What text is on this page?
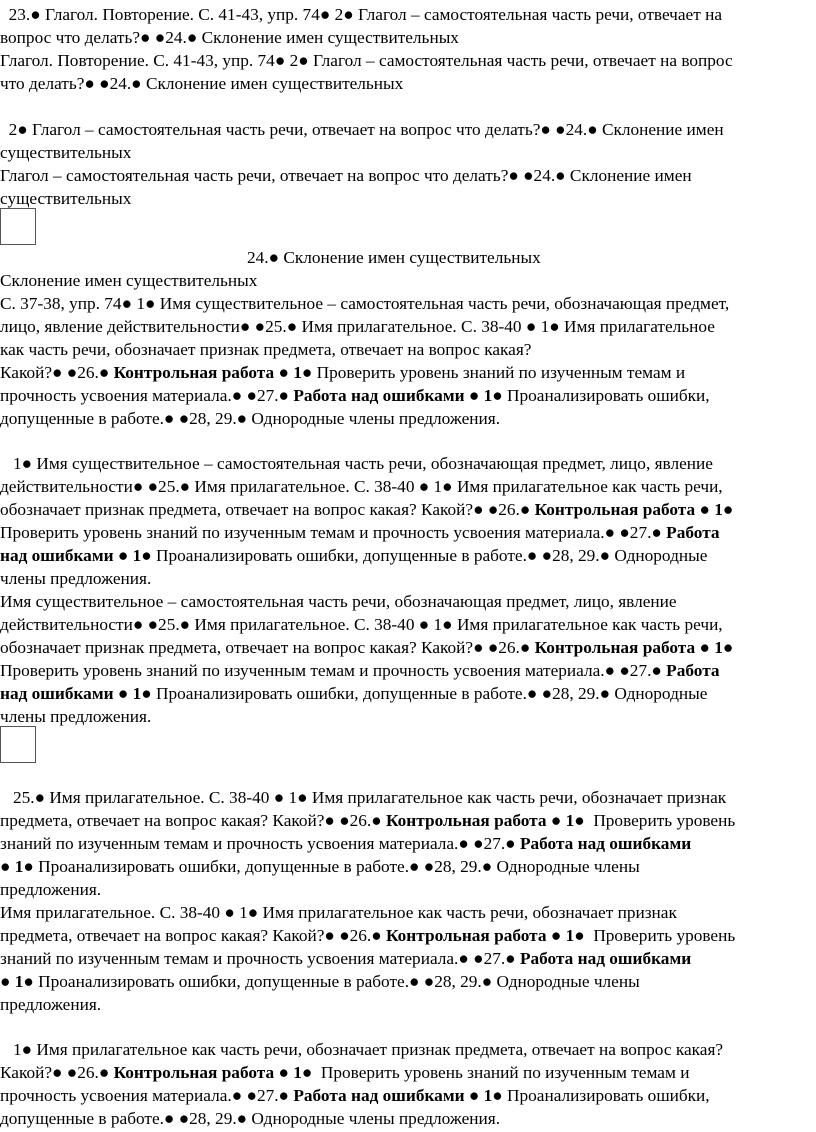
23.● Глагол. Повторение. С. 41-43, упр. 74● 2● Глагол – самостоятельная часть речи, отвечает на
вопрос что делать?● ●24.● Склонение имен существительных
Глагол. Повторение. С. 41-43, упр. 74● 2● Глагол – самостоятельная часть речи, отвечает на вопрос
что делать?● ●24.● Склонение имен существительных
2● Глагол – самостоятельная часть речи, отвечает на вопрос что делать?● ●24.● Склонение имен
существительных
Глагол – самостоятельная часть речи, отвечает на вопрос что делать?● ●24.● Склонение имен
существительных
24.● Склонение имен существительных
Склонение имен существительных
С. 37-38, упр. 74● 1● Имя существительное – самостоятельная часть речи, обозначающая предмет,
лицо, явление действительности● ●25.● Имя прилагательное. С. 38-40 ● 1● Имя прилагательное
как часть речи, обозначает признак предмета, отвечает на вопрос какая?
Какой?● ●26.● Контрольная работа ● 1● Проверить уровень знаний по изученным темам и
прочность усвоения материала.● ●27.● Работа над ошибками ● 1● Проанализировать ошибки,
допущенные в работе.● ●28, 29.● Однородные члены предложения.
1● Имя существительное – самостоятельная часть речи, обозначающая предмет, лицо, явление
действительности● ●25.● Имя прилагательное. С. 38-40 ● 1● Имя прилагательное как часть речи,
обозначает признак предмета, отвечает на вопрос какая? Какой?● ●26.● Контрольная работа ● 1●
Проверить уровень знаний по изученным темам и прочность усвоения материала.● ●27.● Работа
над ошибками ● 1● Проанализировать ошибки, допущенные в работе.● ●28, 29.● Однородные
члены предложения.
Имя существительное – самостоятельная часть речи, обозначающая предмет, лицо, явление
действительности● ●25.● Имя прилагательное. С. 38-40 ● 1● Имя прилагательное как часть речи,
обозначает признак предмета, отвечает на вопрос какая? Какой?● ●26.● Контрольная работа ● 1●
Проверить уровень знаний по изученным темам и прочность усвоения материала.● ●27.● Работа
над ошибками ● 1● Проанализировать ошибки, допущенные в работе.● ●28, 29.● Однородные
члены предложения.
25.● Имя прилагательное. С. 38-40 ● 1● Имя прилагательное как часть речи, обозначает признак
предмета, отвечает на вопрос какая? Какой?● ●26.● Контрольная работа ● 1●  Проверить уровень
знаний по изученным темам и прочность усвоения материала.● ●27.● Работа над ошибками
● 1● Проанализировать ошибки, допущенные в работе.● ●28, 29.● Однородные члены
предложения.
Имя прилагательное. С. 38-40 ● 1● Имя прилагательное как часть речи, обозначает признак
предмета, отвечает на вопрос какая? Какой?● ●26.● Контрольная работа ● 1●  Проверить уровень
знаний по изученным темам и прочность усвоения материала.● ●27.● Работа над ошибками
● 1● Проанализировать ошибки, допущенные в работе.● ●28, 29.● Однородные члены
предложения.
1● Имя прилагательное как часть речи, обозначает признак предмета, отвечает на вопрос какая?
Какой?● ●26.● Контрольная работа ● 1●  Проверить уровень знаний по изученным темам и
прочность усвоения материала.● ●27.● Работа над ошибками ● 1● Проанализировать ошибки,
допущенные в работе.● ●28, 29.● Однородные члены предложения.
